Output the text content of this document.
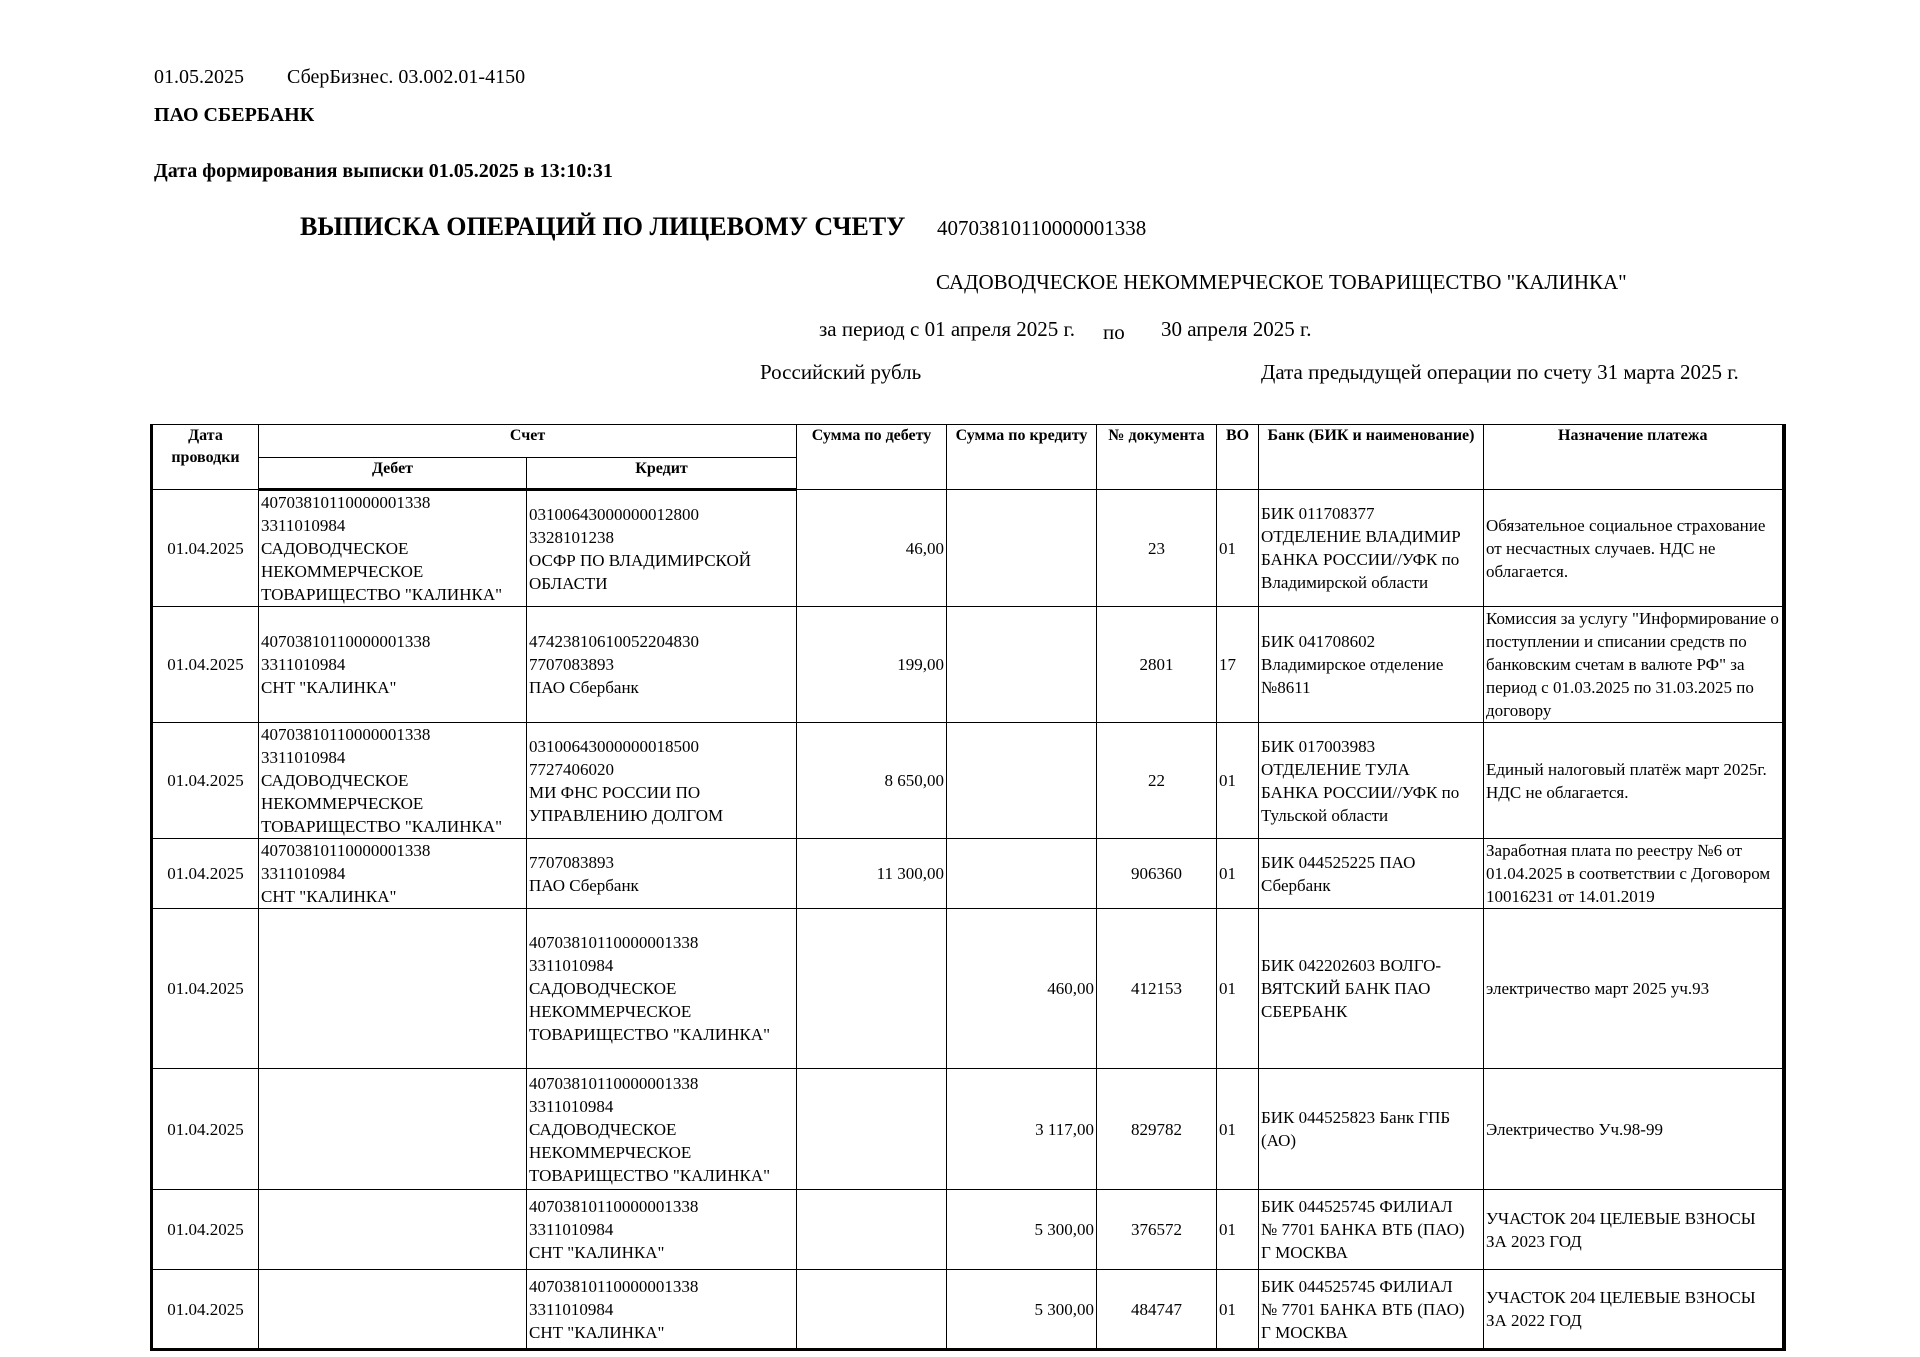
01.05.2025 СберБизнес. 03.002.01-4150
ПАО СБЕРБАНК
Дата формирования выписки 01.05.2025 в 13:10:31
ВЫПИСКА ОПЕРАЦИЙ ПО ЛИЦЕВОМУ СЧЕТУ 40703810110000001338
САДОВОДЧЕСКОЕ НЕКОММЕРЧЕСКОЕ ТОВАРИЩЕСТВО "КАЛИНКА"
за период с 01 апреля 2025 г. по 30 апреля 2025 г.
Российский рубль	Дата предыдущей операции по счету 31 марта 2025 г.
Дата проводки	Счет		Сумма по дебету	Сумма по кредиту	№ документа	ВО	Банк (БИК и наименование)	Назначение платежа
	Дебет	Кредит						
01.04.2025	40703810110000001338
3311010984
САДОВОДЧЕСКОЕ
НЕКОММЕРЧЕСКОЕ
ТОВАРИЩЕСТВО "КАЛИНКА"	03100643000000012800
3328101238
ОСФР ПО ВЛАДИМИРСКОЙ
ОБЛАСТИ	46,00		23	01	БИК 011708377
ОТДЕЛЕНИЕ ВЛАДИМИР
БАНКА РОССИИ//УФК по
Владимирской области	Обязательное социальное страхование от несчастных случаев. НДС не облагается.
01.04.2025	40703810110000001338
3311010984
СНТ "КАЛИНКА"	47423810610052204830
7707083893
ПАО Сбербанк	199,00		2801	17	БИК 041708602
Владимирское отделение
№8611	Комиссия за услугу "Информирование о поступлении и списании средств по банковским счетам в валюте РФ" за период с 01.03.2025 по 31.03.2025 по договору
01.04.2025	40703810110000001338
3311010984
САДОВОДЧЕСКОЕ
НЕКОММЕРЧЕСКОЕ
ТОВАРИЩЕСТВО "КАЛИНКА"	03100643000000018500
7727406020
МИ ФНС РОССИИ ПО
УПРАВЛЕНИЮ ДОЛГОМ	8 650,00		22	01	БИК 017003983
ОТДЕЛЕНИЕ ТУЛА
БАНКА РОССИИ//УФК по
Тульской области	Единый налоговый платёж март 2025г. НДС не облагается.
01.04.2025	40703810110000001338
3311010984
СНТ "КАЛИНКА"	7707083893
ПАО Сбербанк	11 300,00		906360	01	БИК 044525225 ПАО
Сбербанк	Заработная плата по реестру №6 от 01.04.2025 в соответствии с Договором 10016231 от 14.01.2019
01.04.2025		40703810110000001338
3311010984
САДОВОДЧЕСКОЕ
НЕКОММЕРЧЕСКОЕ
ТОВАРИЩЕСТВО "КАЛИНКА"		460,00	412153	01	БИК 042202603 ВОЛГО-
ВЯТСКИЙ БАНК ПАО
СБЕРБАНК	электричество март 2025 уч.93
01.04.2025		40703810110000001338
3311010984
САДОВОДЧЕСКОЕ
НЕКОММЕРЧЕСКОЕ
ТОВАРИЩЕСТВО "КАЛИНКА"		3 117,00	829782	01	БИК 044525823 Банк ГПБ
(АО)	Электричество Уч.98-99
01.04.2025		40703810110000001338
3311010984
СНТ "КАЛИНКА"		5 300,00	376572	01	БИК 044525745 ФИЛИАЛ
№ 7701 БАНКА ВТБ (ПАО)
Г МОСКВА	УЧАСТОК 204 ЦЕЛЕВЫЕ ВЗНОСЫ ЗА 2023 ГОД
01.04.2025		40703810110000001338
3311010984
СНТ "КАЛИНКА"		5 300,00	484747	01	БИК 044525745 ФИЛИАЛ
№ 7701 БАНКА ВТБ (ПАО)
Г МОСКВА	УЧАСТОК 204 ЦЕЛЕВЫЕ ВЗНОСЫ ЗА 2022 ГОД
